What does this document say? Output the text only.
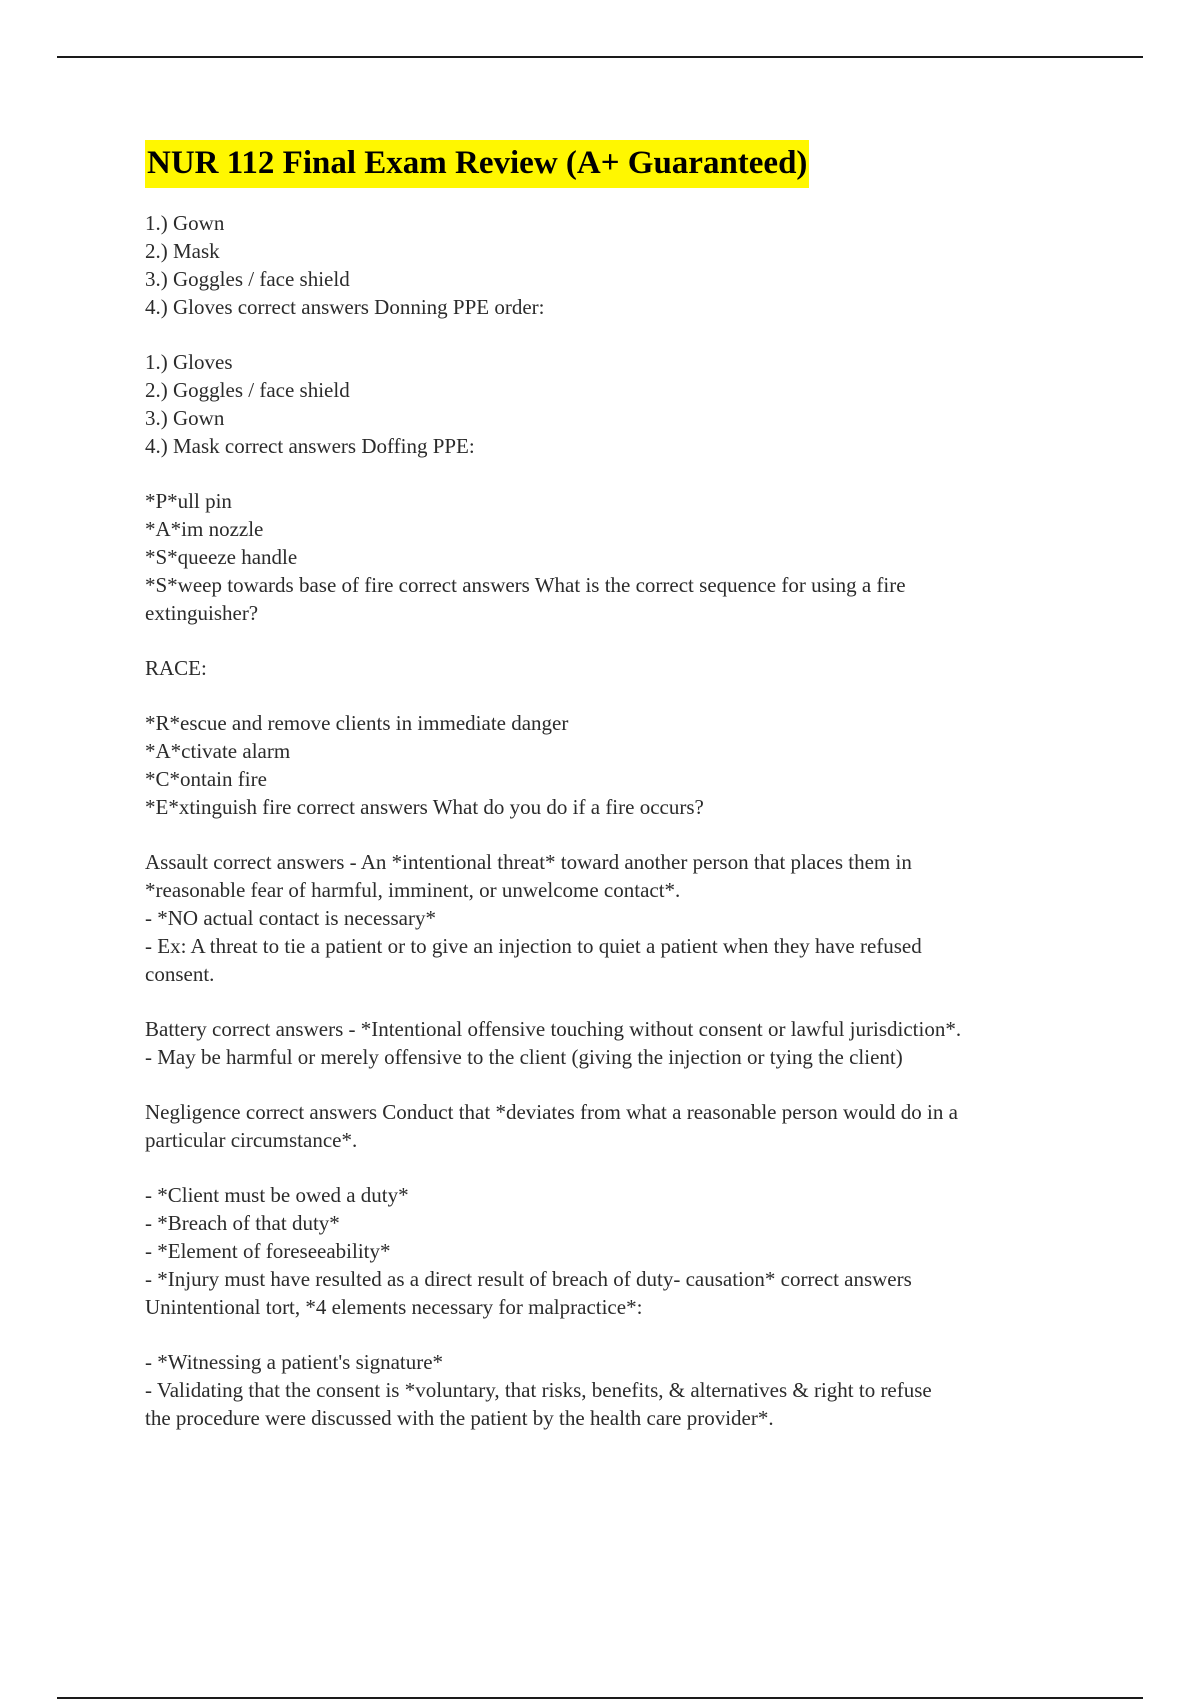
NUR 112 Final Exam Review (A+ Guaranteed)
1.) Gown
2.) Mask
3.) Goggles / face shield
4.) Gloves correct answers Donning PPE order:
1.) Gloves
2.) Goggles / face shield
3.) Gown
4.) Mask correct answers Doffing PPE:
*P*ull pin
*A*im nozzle
*S*queeze handle
*S*weep towards base of fire correct answers What is the correct sequence for using a fire
extinguisher?
RACE:
*R*escue and remove clients in immediate danger
*A*ctivate alarm
*C*ontain fire
*E*xtinguish fire correct answers What do you do if a fire occurs?
Assault correct answers - An *intentional threat* toward another person that places them in
*reasonable fear of harmful, imminent, or unwelcome contact*.
- *NO actual contact is necessary*
- Ex: A threat to tie a patient or to give an injection to quiet a patient when they have refused
consent.
Battery correct answers - *Intentional offensive touching without consent or lawful jurisdiction*.
- May be harmful or merely offensive to the client (giving the injection or tying the client)
Negligence correct answers Conduct that *deviates from what a reasonable person would do in a
particular circumstance*.
- *Client must be owed a duty*
- *Breach of that duty*
- *Element of foreseeability*
- *Injury must have resulted as a direct result of breach of duty- causation* correct answers
Unintentional tort, *4 elements necessary for malpractice*:
- *Witnessing a patient's signature*
- Validating that the consent is *voluntary, that risks, benefits, & alternatives & right to refuse
the procedure were discussed with the patient by the health care provider*.
